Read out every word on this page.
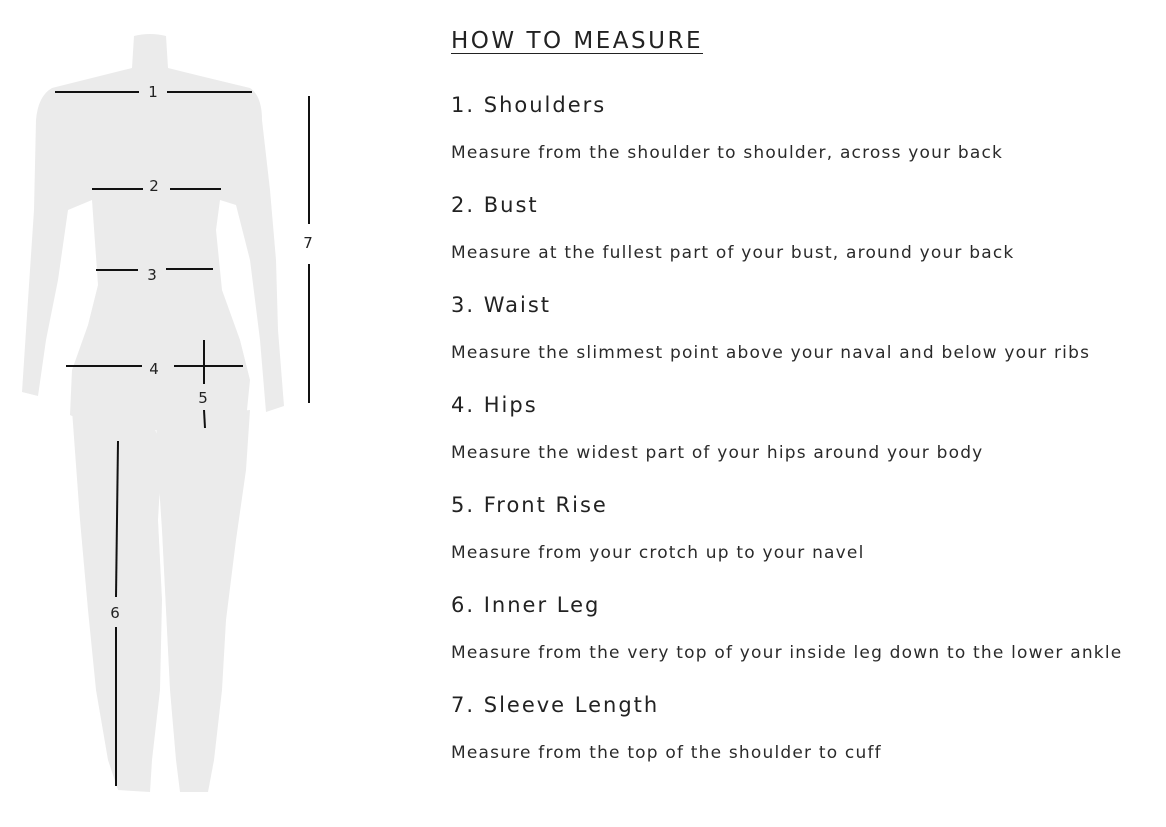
1
2
3
4
5
6
7
HOW TO MEASURE
1. Shoulders
Measure from the shoulder to shoulder, across your back
2. Bust
Measure at the fullest part of your bust, around your back
3. Waist
Measure the slimmest point above your naval and below your ribs
4. Hips
Measure the widest part of your hips around your body
5. Front Rise
Measure from your crotch up to your navel
6. Inner Leg
Measure from the very top of your inside leg down to the lower ankle
7. Sleeve Length
Measure from the top of the shoulder to cuff
